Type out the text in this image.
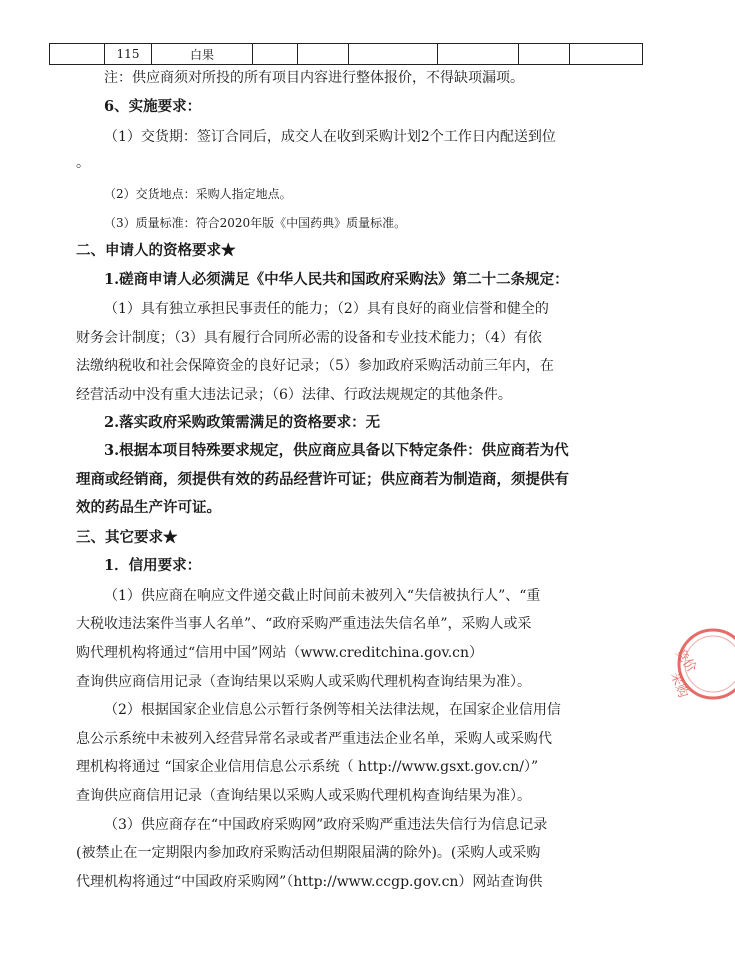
	115	白果						
注：供应商须对所投的所有项目内容进行整体报价，不得缺项漏项。
6、实施要求：
（1）交货期：签订合同后，成交人在收到采购计划2个工作日内配送到位
。
（2）交货地点：采购人指定地点。
（3）质量标准：符合2020年版《中国药典》质量标准。
二、申请人的资格要求★
1.磋商申请人必须满足《中华人民共和国政府采购法》第二十二条规定：
（1）具有独立承担民事责任的能力；（2）具有良好的商业信誉和健全的
财务会计制度；（3）具有履行合同所必需的设备和专业技术能力；（4）有依
法缴纳税收和社会保障资金的良好记录；（5）参加政府采购活动前三年内，在
经营活动中没有重大违法记录；（6）法律、行政法规规定的其他条件。
2.落实政府采购政策需满足的资格要求：无
3.根据本项目特殊要求规定，供应商应具备以下特定条件：供应商若为代
理商或经销商，须提供有效的药品经营许可证；供应商若为制造商，须提供有
效的药品生产许可证。
三、其它要求★
1．信用要求：
（1）供应商在响应文件递交截止时间前未被列入“失信被执行人”、“重
大税收违法案件当事人名单”、“政府采购严重违法失信名单”，采购人或采
购代理机构将通过“信用中国”网站（www.creditchina.gov.cn）
查询供应商信用记录（查询结果以采购人或采购代理机构查询结果为准）。
（2）根据国家企业信息公示暂行条例等相关法律法规，在国家企业信用信
息公示系统中未被列入经营异常名录或者严重违法企业名单，采购人或采购代
理机构将通过 “国家企业信用信息公示系统（ http://www.gsxt.gov.cn/）”
查询供应商信用记录（查询结果以采购人或采购代理机构查询结果为准）。
（3）供应商存在“中国政府采购网”政府采购严重违法失信行为信息记录
(被禁止在一定期限内参加政府采购活动但期限届满的除外)。(采购人或采购
代理机构将通过“中国政府采购网”（http://www.ccgp.gov.cn）网站查询供
竞价
采购
